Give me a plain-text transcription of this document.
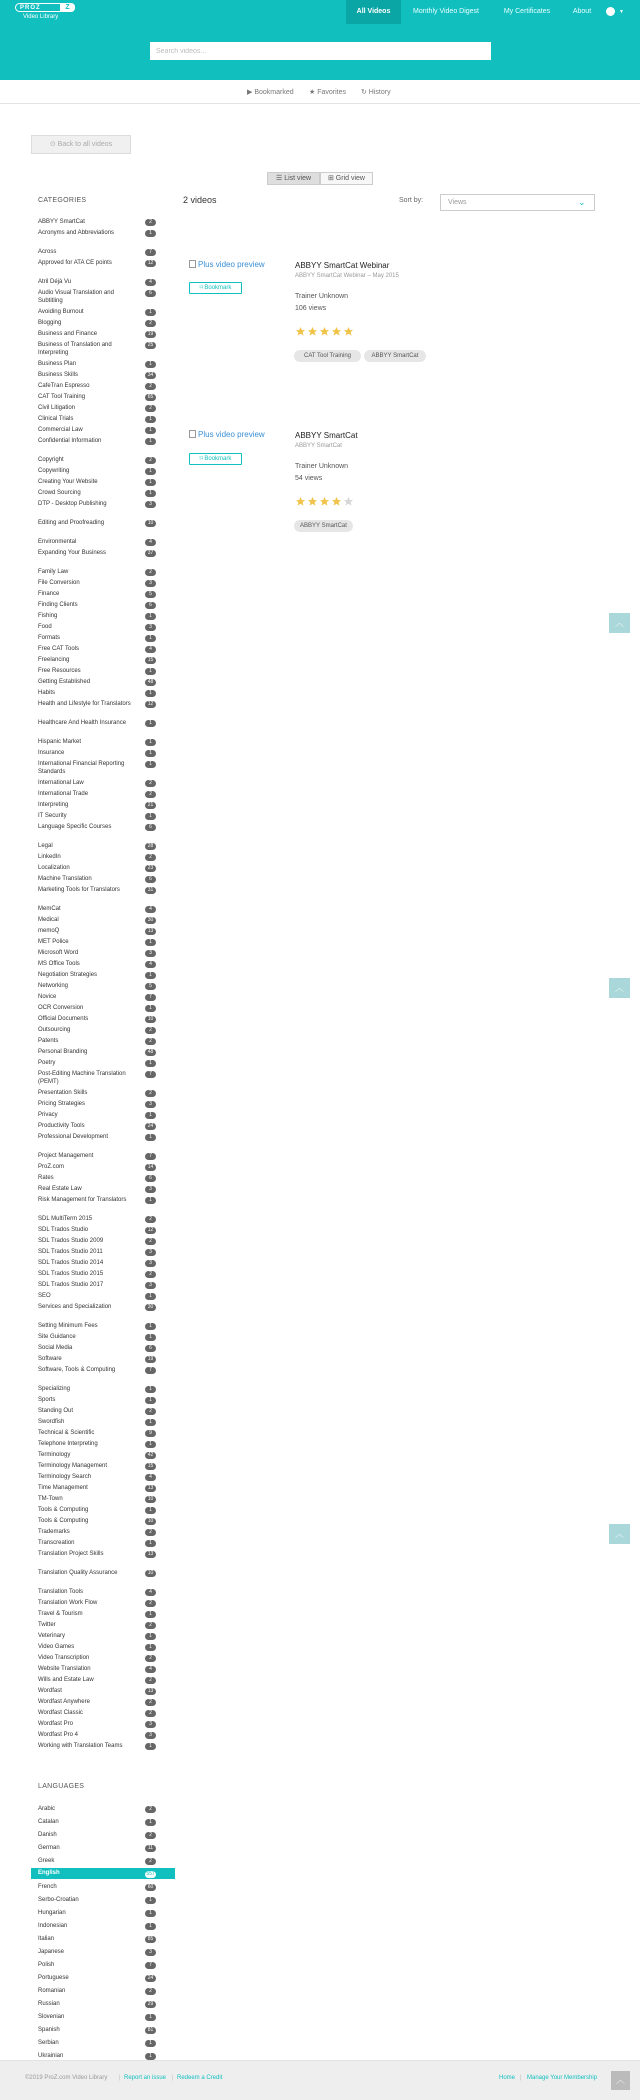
PROZ	Z
Video Library
All Videos	Monthly Video Digest	My Certificates	About	▼
Search videos...
▶ Bookmarked ★ Favorites ↻ History
⊙ Back to all videos
☰ List view	⊞ Grid view
CATEGORIES
ABBYY SmartCat	2
Acronyms and Abbreviations	1
Across	7
Approved for ATA CE points	12
Atril Déjà Vu	4
Audio Visual Translation and Subtitling
6
Avoiding Burnout	1
Blogging	2
Business and Finance	19
Business of Translation and Interpreting
25
Business Plan	1
Business Skills	34
CafeTran Espresso	2
CAT Tool Training	65
Civil Litigation	2
Clinical Trials	1
Commercial Law	1
Confidential Information	1
Copyright	2
Copywriting	1
Creating Your Website	1
Crowd Sourcing	1
DTP - Desktop Publishing	3
Editing and Proofreading	10
Environmental	4
Expanding Your Business	37
Family Law	2
File Conversion	3
Finance	5
Finding Clients	6
Fishing	1
Food	3
Formats	1
Free CAT Tools	4
Freelancing	15
Free Resources	1
Getting Established	48
Habits	1
Health and Lifestyle for Translators	12
Healthcare And Health Insurance	1
Hispanic Market	1
Insurance	1
International Financial Reporting Standards
1
International Law	2
International Trade	2
Interpreting	21
IT Security	1
Language Specific Courses	6
Legal	28
LinkedIn	2
Localization	23
Machine Translation	6
Marketing Tools for Translators	31
MemCat	4
Medical	30
memoQ	13
MET Police	1
Microsoft Word	3
MS Office Tools	4
Negotiation Strategies	1
Networking	5
Novice	7
OCR Conversion	1
Official Documents	10
Outsourcing	2
Patents	2
Personal Branding	48
Poetry	1
Post-Editing Machine Translation (PEMT)
7
Presentation Skills	2
Pricing Strategies	3
Privacy	1
Productivity Tools	24
Professional Development	1
Project Management	7
ProZ.com	14
Rates	6
Real Estate Law	3
Risk Management for Translators	1
SDL MultiTerm 2015	2
SDL Trados Studio	12
SDL Trados Studio 2009	2
SDL Trados Studio 2011	3
SDL Trados Studio 2014	3
SDL Trados Studio 2015	2
SDL Trados Studio 2017	3
SEO	1
Services and Specialization	30
Setting Minimum Fees	1
Site Guidance	1
Social Media	6
Software	19
Software, Tools & Computing	7
Specializing	1
Sports	1
Standing Out	2
Swordfish	1
Technical & Scientific	9
Telephone Interpreting	1
Terminology	42
Terminology Management	15
Terminology Search	4
Time Management	13
TM-Town	10
Tools & Computing	1
Tools & Computing	10
Trademarks	2
Transcreation	1
Translation Project Skills	13
Translation Quality Assurance	10
Translation Tools	4
Translation Work Flow	2
Travel & Tourism	1
Twitter	2
Veterinary	1
Video Games	1
Video Transcription	2
Website Translation	4
Wills and Estate Law	2
Wordfast	13
Wordfast Anywhere	2
Wordfast Classic	2
Wordfast Pro	3
Wordfast Pro 4	3
Working with Translation Teams	1
LANGUAGES
Arabic	2
Catalan	1
Danish	2
German	11
Greek	2
English	557
French	60
Serbo-Croatian	1
Hungarian	1
Indonesian	1
Italian	85
Japanese	3
Polish	7
Portuguese	24
Romanian	2
Russian	29
Slovenian	1
Spanish	81
Serbian	1
Ukrainian	1
2 videos	Sort by:	Views	⌄
Plus video preview
⌑ Bookmark
ABBYY SmartCat Webinar
ABBYY SmartCat Webinar – May 2015
Trainer Unknown
106 views
CAT Tool Training	ABBYY SmartCat
Plus video preview
⌑ Bookmark
ABBYY SmartCat
ABBYY SmartCat
Trainer Unknown
54 views
ABBYY SmartCat
︿
︿
︿
©2019 ProZ.com Video Library | Report an issue | Redeem a Credit	Home | Manage Your Membership	︿
